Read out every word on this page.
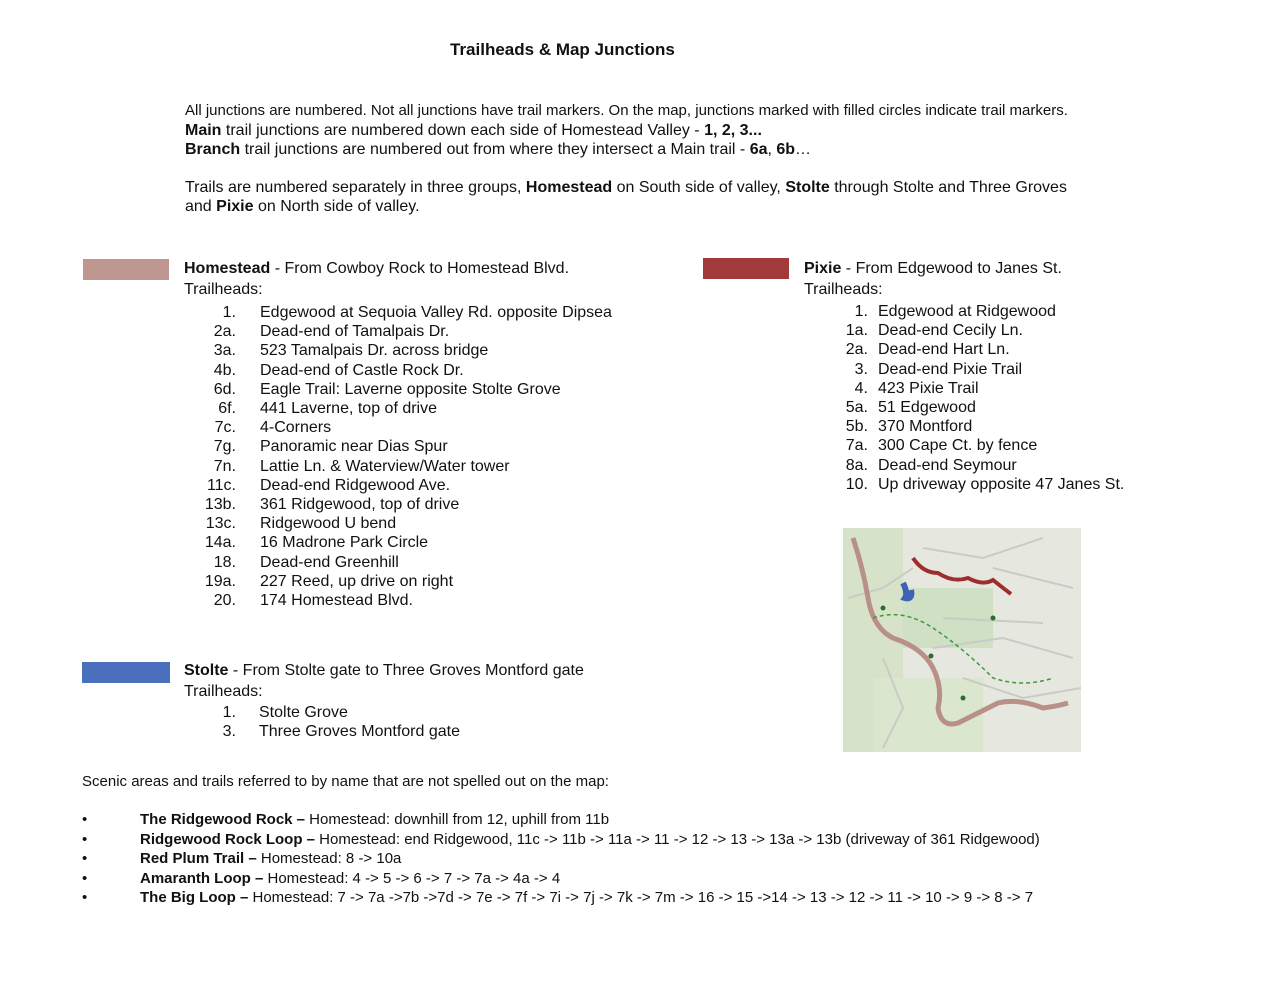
Trailheads & Map Junctions
All junctions are numbered. Not all junctions have trail markers. On the map, junctions marked with filled circles indicate trail markers.
Main trail junctions are numbered down each side of Homestead Valley - 1, 2, 3...
Branch trail junctions are numbered out from where they intersect a Main trail - 6a, 6b…
Trails are numbered separately in three groups, Homestead on South side of valley, Stolte through Stolte and Three Groves
and Pixie on North side of valley.
Homestead - From Cowboy Rock to Homestead Blvd.
Trailheads:
1. Edgewood at Sequoia Valley Rd. opposite Dipsea
2a. Dead-end of Tamalpais Dr.
3a. 523 Tamalpais Dr. across bridge
4b. Dead-end of Castle Rock Dr.
6d. Eagle Trail: Laverne opposite Stolte Grove
6f. 441 Laverne, top of drive
7c. 4-Corners
7g. Panoramic near Dias Spur
7n. Lattie Ln. & Waterview/Water tower
11c. Dead-end Ridgewood Ave.
13b. 361 Ridgewood, top of drive
13c. Ridgewood U bend
14a. 16 Madrone Park Circle
18. Dead-end Greenhill
19a. 227 Reed, up drive on right
20. 174 Homestead Blvd.
Pixie - From Edgewood to Janes St.
Trailheads:
1. Edgewood at Ridgewood
1a. Dead-end Cecily Ln.
2a. Dead-end Hart Ln.
3. Dead-end Pixie Trail
4. 423 Pixie Trail
5a. 51 Edgewood
5b. 370 Montford
7a. 300 Cape Ct. by fence
8a. Dead-end Seymour
10. Up driveway opposite 47 Janes St.
Stolte - From Stolte gate to Three Groves Montford gate
Trailheads:
1. Stolte Grove
3. Three Groves Montford gate
Scenic areas and trails referred to by name that are not spelled out on the map:
•	The Ridgewood Rock – Homestead: downhill from 12, uphill from 11b
•	Ridgewood Rock Loop – Homestead: end Ridgewood, 11c -> 11b -> 11a -> 11 -> 12 -> 13 -> 13a -> 13b (driveway of 361 Ridgewood)
•	Red Plum Trail – Homestead: 8 -> 10a
•	Amaranth Loop – Homestead: 4 -> 5 -> 6 -> 7 -> 7a -> 4a -> 4
•	The Big Loop – Homestead: 7 -> 7a ->7b ->7d -> 7e -> 7f -> 7i -> 7j -> 7k -> 7m -> 16 -> 15 ->14 -> 13 -> 12 -> 11 -> 10 -> 9 -> 8 -> 7
